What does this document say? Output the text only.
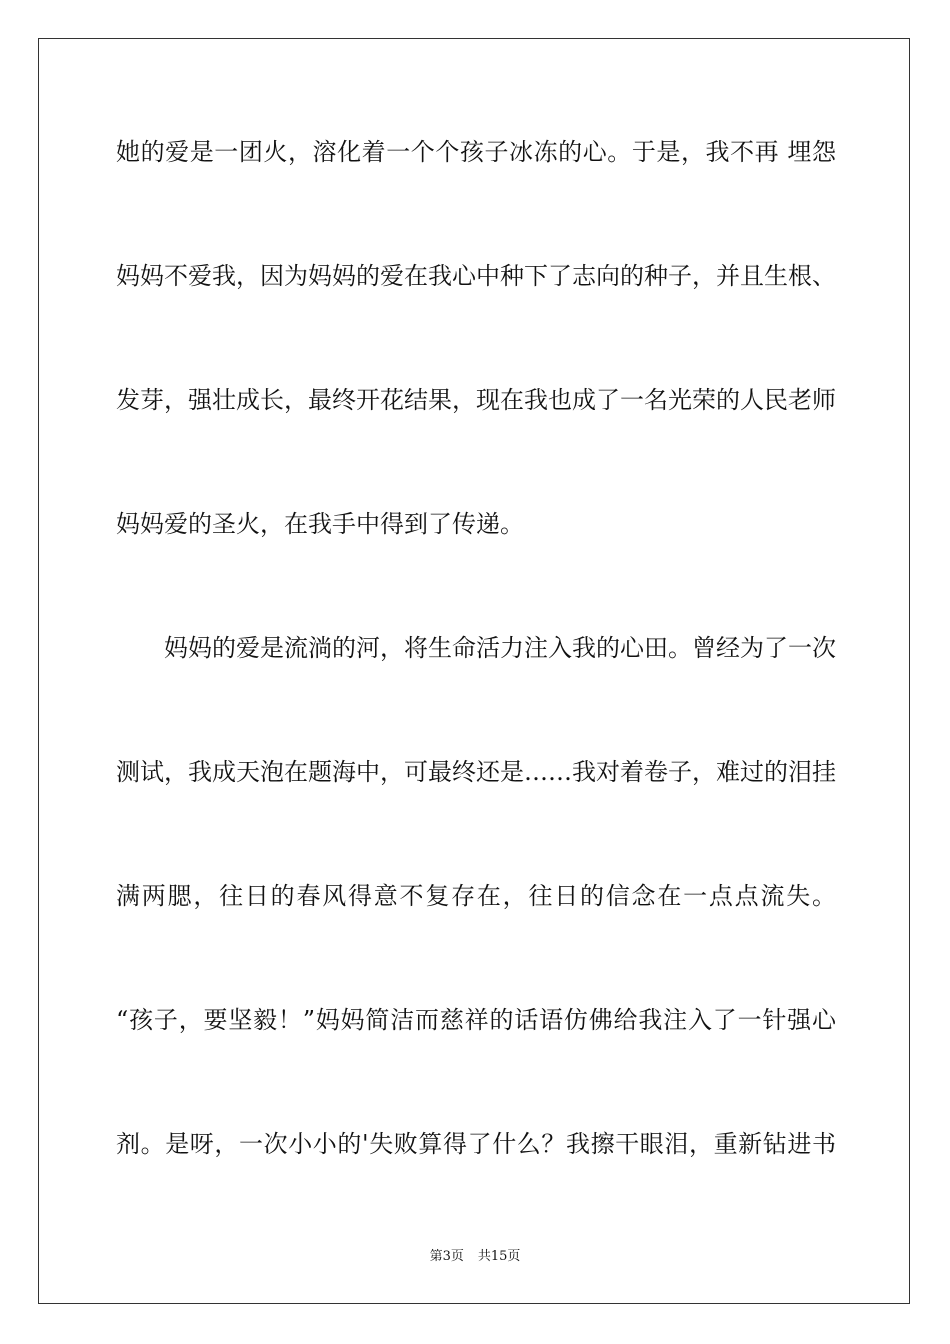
她的爱是一团火，溶化着一个个孩子冰冻的心。于是，我不再 埋怨
妈妈不爱我，因为妈妈的爱在我心中种下了志向的种子，并且生根、
发芽，强壮成长，最终开花结果，现在我也成了一名光荣的人民老师
妈妈爱的圣火，在我手中得到了传递。
妈妈的爱是流淌的河，将生命活力注入我的心田。曾经为了一次
测试，我成天泡在题海中，可最终还是……我对着卷子，难过的泪挂
满两腮，往日的春风得意不复存在，往日的信念在一点点流失。
“孩子，要坚毅！”妈妈简洁而慈祥的话语仿佛给我注入了一针强心
剂。是呀，一次小小的'失败算得了什么？我擦干眼泪，重新钻进书
第3页 共15页
